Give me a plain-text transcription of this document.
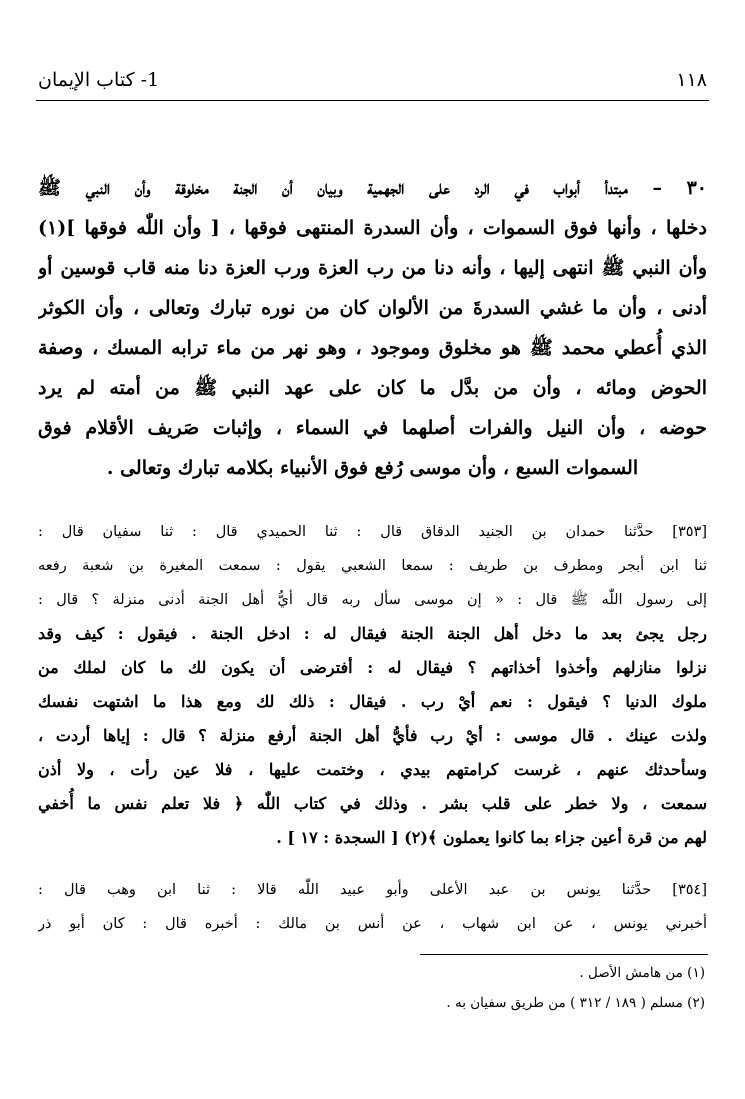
١١٨
1- كتاب الإيمان
٣٠ – مبتدأ أبواب في الرد على الجهمية وبيان أن الجنة مخلوقة وأن النبي ﷺ
دخلها ، وأنها فوق السموات ، وأن السدرة المنتهى فوقها ، [ وأن اللّٰه فوقها ](١)
وأن النبي ﷺ انتهى إليها ، وأنه دنا من رب العزة ورب العزة دنا منه قاب قوسين أو
أدنى ، وأن ما غشي السدرةَ من الألوان كان من نوره تبارك وتعالى ، وأن الكوثر
الذي أُعطي محمد ﷺ هو مخلوق وموجود ، وهو نهر من ماء ترابه المسك ، وصفة
الحوض ومائه ، وأن من بدَّل ما كان على عهد النبي ﷺ من أمته لم يرد
حوضه ، وأن النيل والفرات أصلهما في السماء ، وإثبات صَريف الأقلام فوق
السموات السبع ، وأن موسى رُفع فوق الأنبياء بكلامه تبارك وتعالى .
[٣٥٣] حدَّثنا حمدان بن الجنيد الدقاق قال : ثنا الحميدي قال : ثنا سفيان قال :
ثنا ابن أبجر ومطرف بن طريف : سمعا الشعبي يقول : سمعت المغيرة بن شعبة رفعه
إلى رسول اللّٰه ﷺ قال : « إن موسى سأل ربه قال أيُّ أهل الجنة أدنى منزلة ؟ قال :
رجل يجئ بعد ما دخل أهل الجنة الجنة فيقال له : ادخل الجنة . فيقول : كيف وقد
نزلوا منازلهم وأخذوا أخذاتهم ؟ فيقال له : أفترضى أن يكون لك ما كان لملك من
ملوك الدنيا ؟ فيقول : نعم أيْ رب . فيقال : ذلك لك ومع هذا ما اشتهت نفسك
ولذت عينك . قال موسى : أيْ رب فأيُّ أهل الجنة أرفع منزلة ؟ قال : إياها أردت ،
وسأحدثك عنهم ، غرست كرامتهم بيدي ، وختمت عليها ، فلا عين رأت ، ولا أذن
سمعت ، ولا خطر على قلب بشر . وذلك في كتاب اللّٰه ﴿ فلا تعلم نفس ما أُخفي
لهم من قرة أعين جزاء بما كانوا يعملون ﴾(٢) [ السجدة : ١٧ ] .
[٣٥٤] حدَّثنا يونس بن عبد الأعلى وأبو عبيد اللّٰه قالا : ثنا ابن وهب قال :
أخبرني يونس ، عن ابن شهاب ، عن أنس بن مالك : أخبره قال : كان أبو ذر
(١) من هامش الأصل .
(٢) مسلم ( ١٨٩ / ٣١٢ ) من طريق سفيان به .
